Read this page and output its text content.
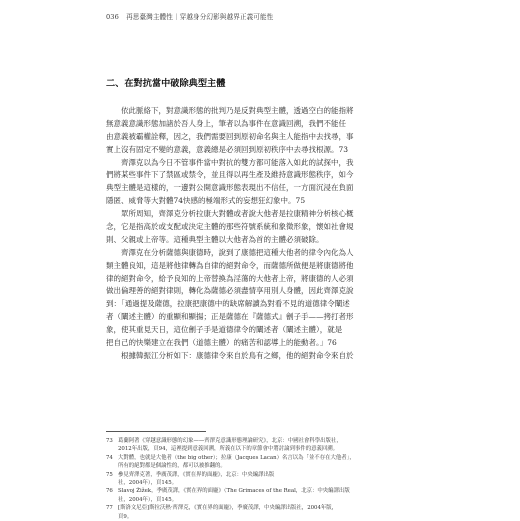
036 再思臺灣主體性｜穿越身分幻影與越界正義可能性
二、在對抗當中破除典型主體
依此脈絡下，對意識形態的批判乃是反對典型主體，透過空白的能指將
無意義意識形態加諸於吾人身上，筆者以為事件在意識回溯，我們不能任
由意義被霸權詮釋，因之，我們需要回到原初命名與主人能指中去找尋，事
實上沒有固定不變的意義，意義總是必須回到原初秩序中去尋找根源。73
齊澤克以為今日不管事件當中對抗的雙方都可能落入如此的試探中，我
們將某些事件下了禁區或禁令，並且得以再生產及維持意識形態秩序，如今
典型主體是這樣的，一邊對公開意識形態表現出不信任，一方面沉浸在負面
隱匿、威脅等大對體74快感的極端形式的妄想狂幻象中。75
眾所周知，齊澤克分析拉康大對體或者說大他者是拉康精神分析核心概
念，它是指高於或支配或決定主體的那些符號系統和象徵形象，懷如社會規
則、父親或上帝等。這種典型主體以大他者為首的主體必須破除。
齊澤克在分析薩德與康德時，說到了康德把這種大他者的律令內化為人
類主體良知，這是將他律轉為自律的絕對命令，而薩德所做便是將康德將他
律的絕對命令，給予良知的上帝替換為淫蕩的大他者上帝，將康德的人必須
做出倫理善的絕對律則，轉化為薩德必須盡情享用別人身體，因此齊澤克說
到：「通過提及薩德，拉康把康德中的缺席解讀為對看不見的道德律令闡述
者（闡述主體）的重顯和顯揚；正是薩德在『薩德式』劊子手——拷打者形
象，使其重見天日，這位劊子手是道德律令的闡述者（闡述主體），就是
把自己的快樂建立在我們（道德主體）的痛苦和認導上的能動者。」76
根據韓振江分析如下：康德律令來自於鳥有之鄉，他的絕對命令來自於
73 葛蘭阿著《穿越意識形態的幻象——齊澤克意識形態理論研究》，北京：中國社會科學出版社，
2012年出版，頁94，這裡提到意義回溯，所義在以下的章節會中將討論到事件的意義回溯。
74 大對體，也就是大他者（the big other）；拉康（Jacques Lacan）名言以為「並不存在大他者」，
所有的絕對都是個論性的，都可以被推翻的。
75 參見齊澤克著，季廣茂譯，《實在界的面龐》，北京：中央編譯出版
社，2004年），頁145。
76 Slavoj Žižek，季廣茂譯，《實在界的面龐》（The Grimaces of the Real，北京：中央編譯出版
社，2004年），頁145。
77 [斯洛文尼亞]斯拉沃熱·齊澤克，《實在界的面龐》，季廣茂譯，中央編譯出版社，2004年版，
頁9。
